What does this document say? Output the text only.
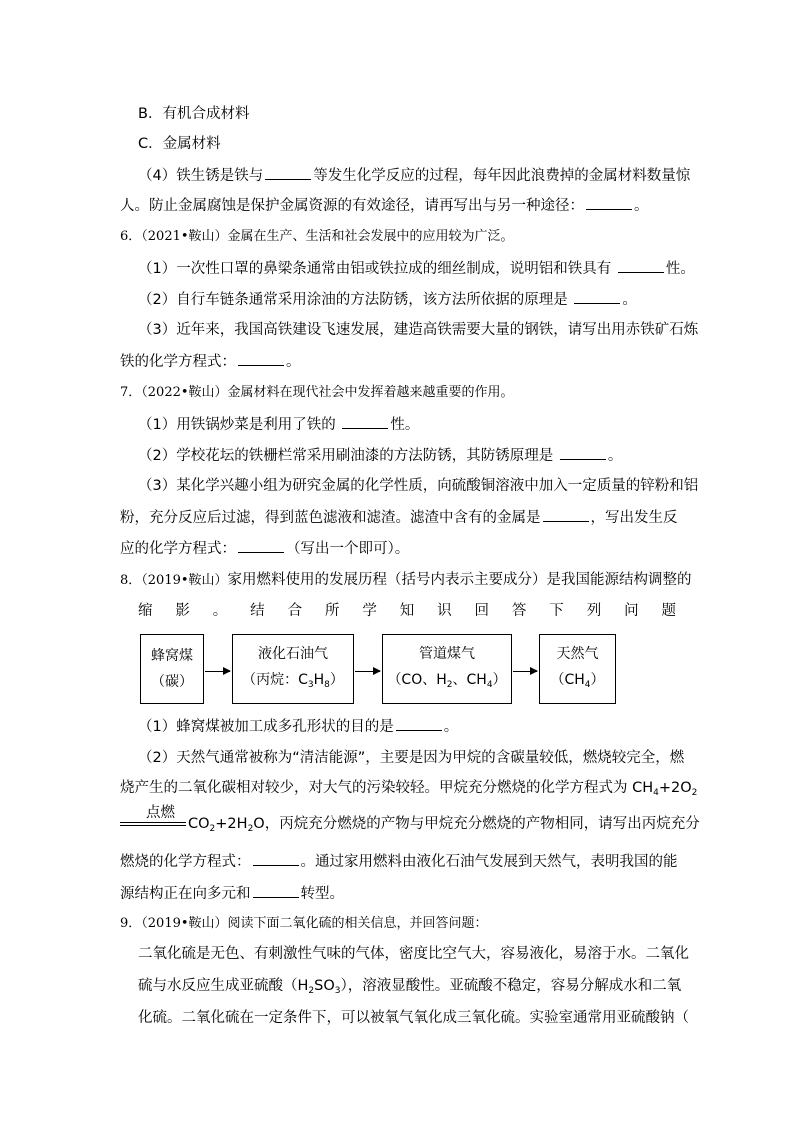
B．有机合成材料
C．金属材料
（4）铁生锈是铁与	等发生化学反应的过程，每年因此浪费掉的金属材料数量惊
人。防止金属腐蚀是保护金属资源的有效途径，请再写出与另一种途径：	。
6．（2021•鞍山）金属在生产、生活和社会发展中的应用较为广泛。
（1）一次性口罩的鼻梁条通常由铝或铁拉成的细丝制成，说明铝和铁具有	性。
（2）自行车链条通常采用涂油的方法防锈，该方法所依据的原理是	。
（3）近年来，我国高铁建设飞速发展，建造高铁需要大量的钢铁，请写出用赤铁矿石炼
铁的化学方程式：	。
7．（2022•鞍山）金属材料在现代社会中发挥着越来越重要的作用。
（1）用铁锅炒菜是利用了铁的	性。
（2）学校花坛的铁栅栏常采用刷油漆的方法防锈，其防锈原理是	。
（3）某化学兴趣小组为研究金属的化学性质，向硫酸铜溶液中加入一定质量的锌粉和铝
粉，充分反应后过滤，得到蓝色滤液和滤渣。滤渣中含有的金属是	，写出发生反
应的化学方程式：	（写出一个即可）。
8．（2019•鞍山）家用燃料使用的发展历程（括号内表示主要成分）是我国能源结构调整的
缩 影 。 结 合 所 学 知 识 回 答 下 列 问 题
蜂窝煤
（碳）
液化石油气
（丙烷：$C_3H_8$）
管道煤气
（CO、$H_2$、$CH_4$）
天然气
$(CH_4)$
（1）蜂窝煤被加工成多孔形状的目的是	。
（2）天然气通常被称为“清洁能源”，主要是因为甲烷的含碳量较低，燃烧较完全，燃
烧产生的二氧化碳相对较少，对大气的污染较轻。甲烷充分燃烧的化学方程式为 $CH_4+2O_2$
点燃
$CO_2+2H_2O$，丙烷充分燃烧的产物与甲烷充分燃烧的产物相同，请写出丙烷充分
燃烧的化学方程式：	。通过家用燃料由液化石油气发展到天然气，表明我国的能
源结构正在向多元和	转型。
9．（2019•鞍山）阅读下面二氧化硫的相关信息，并回答问题：
二氧化硫是无色、有刺激性气味的气体，密度比空气大，容易液化，易溶于水。二氧化
硫与水反应生成亚硫酸$(H_2SO_3)$，溶液显酸性。亚硫酸不稳定，容易分解成水和二氧
化硫。二氧化硫在一定条件下，可以被氧气氧化成三氧化硫。实验室通常用亚硫酸钠（
